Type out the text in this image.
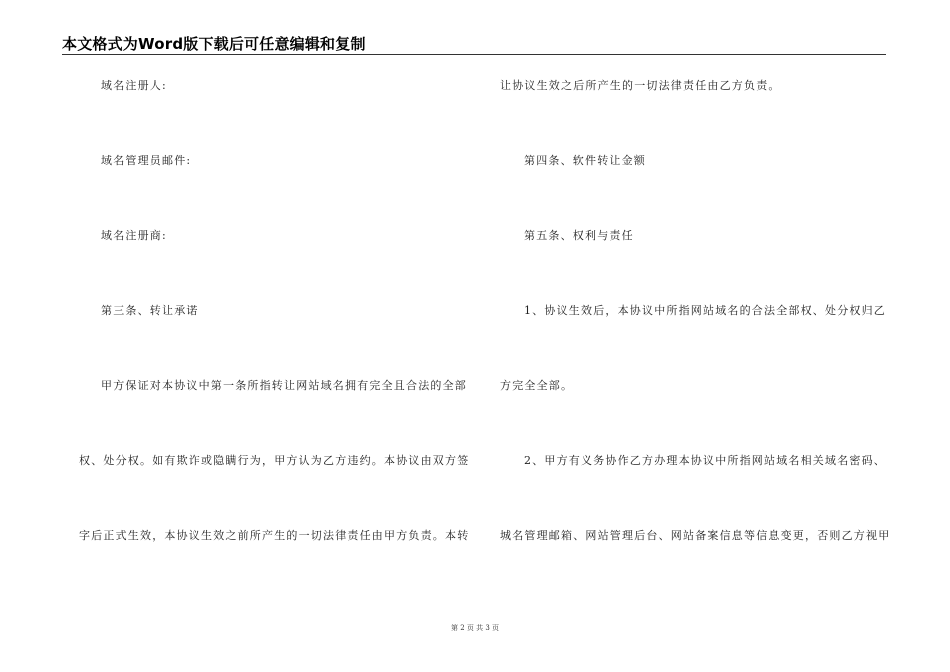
本文格式为Word版下载后可任意编辑和复制
域名注册人:
域名管理员邮件:
域名注册商:
第三条、转让承诺
甲方保证对本协议中第一条所指转让网站域名拥有完全且合法的全部
权、处分权。如有欺诈或隐瞒行为，甲方认为乙方违约。本协议由双方签
字后正式生效，本协议生效之前所产生的一切法律责任由甲方负责。本转
让协议生效之后所产生的一切法律责任由乙方负责。
第四条、软件转让金额
第五条、权利与责任
1、协议生效后，本协议中所指网站域名的合法全部权、处分权归乙
方完全全部。
2、甲方有义务协作乙方办理本协议中所指网站域名相关域名密码、
城名管理邮箱、网站管理后台、网站备案信息等信息变更，否则乙方视甲
第 2 页 共 3 页
